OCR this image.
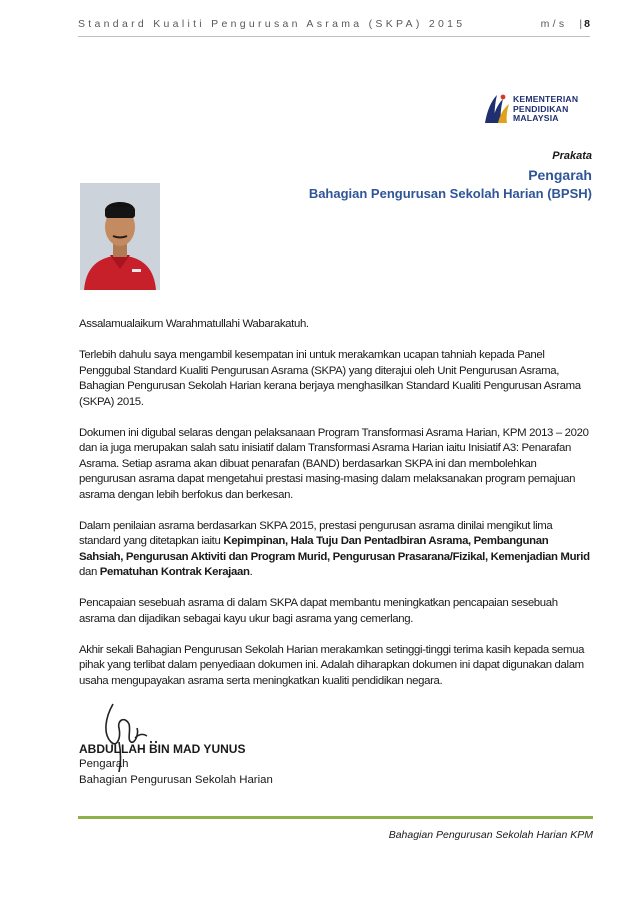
Standard Kualiti Pengurusan Asrama (SKPA) 2015	m/s |8
KEMENTERIAN
PENDIDIKAN
MALAYSIA
Prakata
Pengarah
Bahagian Pengurusan Sekolah Harian (BPSH)

Assalamualaikum Warahmatullahi Wabarakatuh.

Terlebih dahulu saya mengambil kesempatan ini untuk merakamkan ucapan tahniah kepada Panel Penggubal Standard Kualiti Pengurusan Asrama (SKPA) yang diterajui oleh Unit Pengurusan Asrama, Bahagian Pengurusan Sekolah Harian kerana berjaya menghasilkan Standard Kualiti Pengurusan Asrama (SKPA) 2015.

Dokumen ini digubal selaras dengan pelaksanaan Program Transformasi Asrama Harian, KPM 2013 – 2020 dan ia juga merupakan salah satu inisiatif dalam Transformasi Asrama Harian iaitu Inisiatif A3: Penarafan Asrama. Setiap asrama akan dibuat penarafan (BAND) berdasarkan SKPA ini dan membolehkan pengurusan asrama dapat mengetahui prestasi masing-masing dalam melaksanakan program pemajuan asrama dengan lebih berfokus dan berkesan.

Dalam penilaian asrama berdasarkan SKPA 2015, prestasi pengurusan asrama dinilai mengikut lima standard yang ditetapkan iaitu Kepimpinan, Hala Tuju Dan Pentadbiran Asrama, Pembangunan Sahsiah, Pengurusan Aktiviti dan Program Murid, Pengurusan Prasarana/Fizikal, Kemenjadian Murid dan Pematuhan Kontrak Kerajaan.

Pencapaian sesebuah asrama di dalam SKPA dapat membantu meningkatkan pencapaian sesebuah asrama dan dijadikan sebagai kayu ukur bagi asrama yang cemerlang.

Akhir sekali Bahagian Pengurusan Sekolah Harian merakamkan setinggi-tinggi terima kasih kepada semua pihak yang terlibat dalam penyediaan dokumen ini. Adalah diharapkan dokumen ini dapat digunakan dalam usaha mengupayakan asrama serta meningkatkan kualiti pendidikan negara.

ABDULLAH BIN MAD YUNUS
Pengarah
Bahagian Pengurusan Sekolah Harian
Bahagian Pengurusan Sekolah Harian KPM
